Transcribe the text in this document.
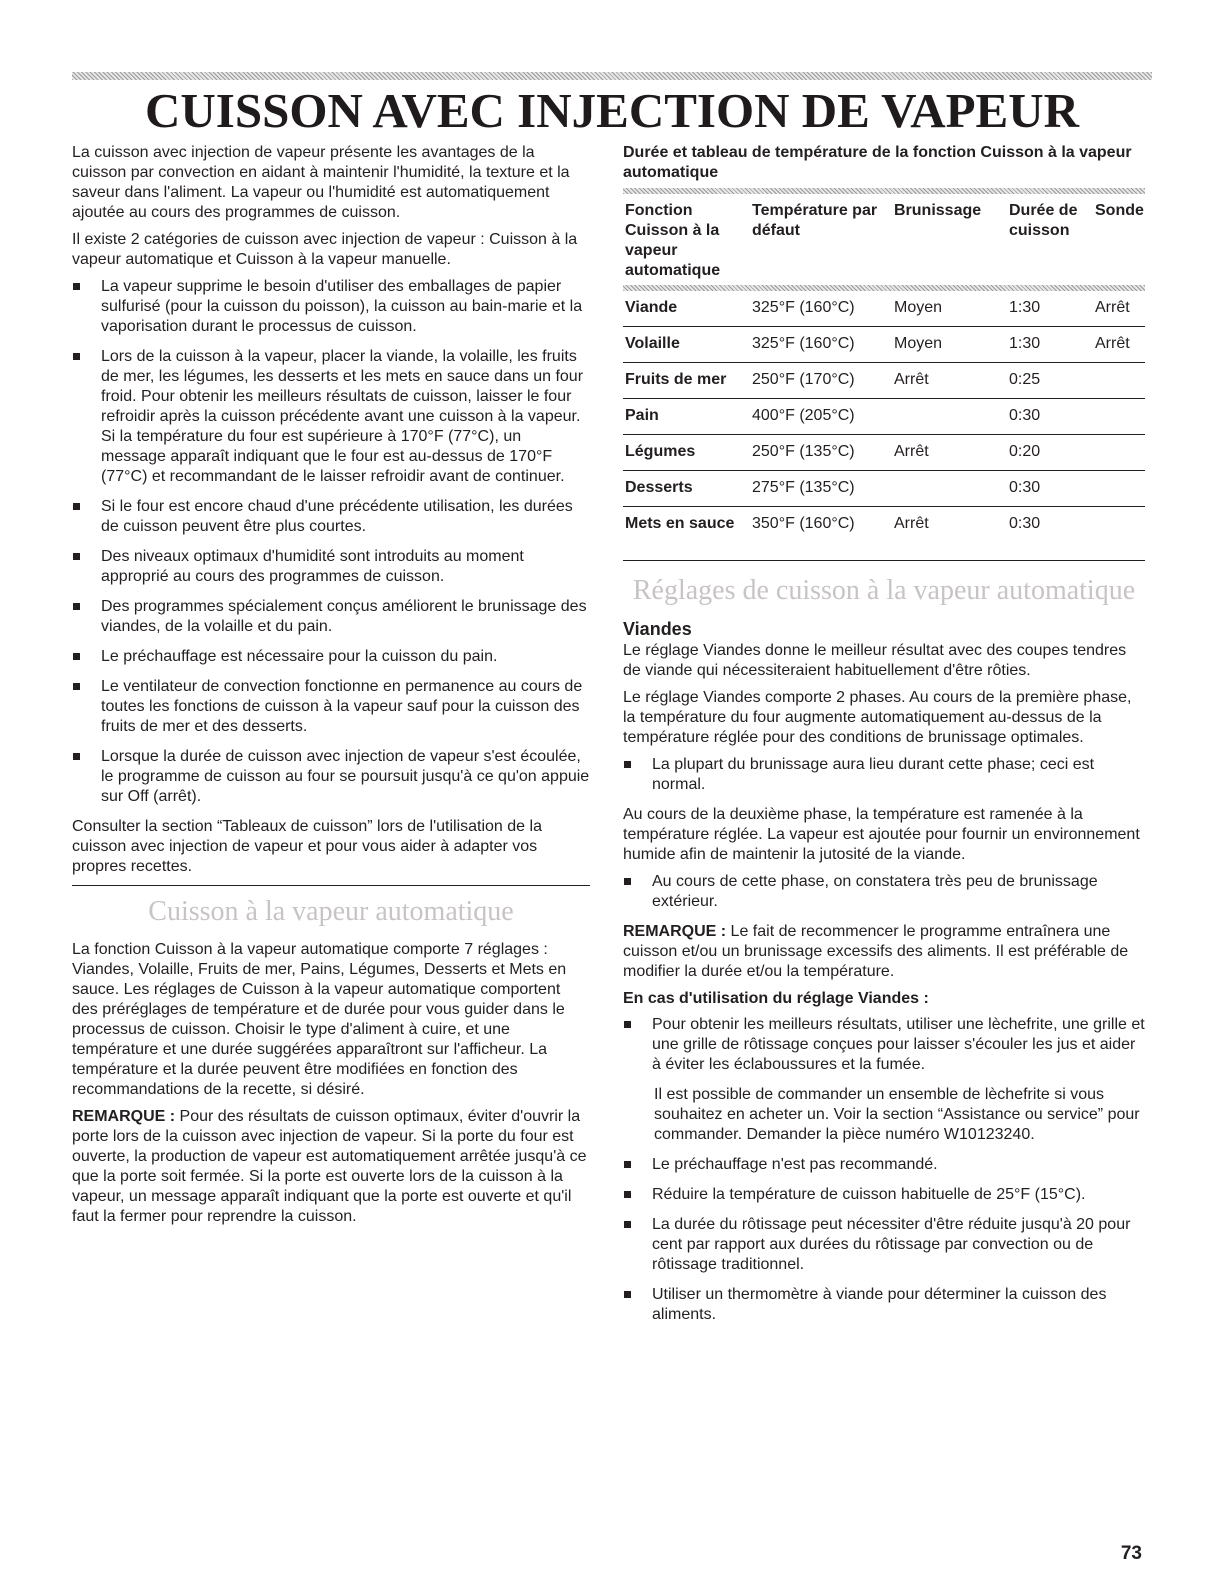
CUISSON AVEC INJECTION DE VAPEUR

La cuisson avec injection de vapeur présente les avantages de la cuisson par convection en aidant à maintenir l'humidité, la texture et la saveur dans l'aliment. La vapeur ou l'humidité est automatiquement ajoutée au cours des programmes de cuisson.

Il existe 2 catégories de cuisson avec injection de vapeur : Cuisson à la vapeur automatique et Cuisson à la vapeur manuelle.

La vapeur supprime le besoin d'utiliser des emballages de papier sulfurisé (pour la cuisson du poisson), la cuisson au bain-marie et la vaporisation durant le processus de cuisson.
Lors de la cuisson à la vapeur, placer la viande, la volaille, les fruits de mer, les légumes, les desserts et les mets en sauce dans un four froid. Pour obtenir les meilleurs résultats de cuisson, laisser le four refroidir après la cuisson précédente avant une cuisson à la vapeur. Si la température du four est supérieure à 170°F (77°C), un message apparaît indiquant que le four est au-dessus de 170°F (77°C) et recommandant de le laisser refroidir avant de continuer.
Si le four est encore chaud d'une précédente utilisation, les durées de cuisson peuvent être plus courtes.
Des niveaux optimaux d'humidité sont introduits au moment approprié au cours des programmes de cuisson.
Des programmes spécialement conçus améliorent le brunissage des viandes, de la volaille et du pain.
Le préchauffage est nécessaire pour la cuisson du pain.
Le ventilateur de convection fonctionne en permanence au cours de toutes les fonctions de cuisson à la vapeur sauf pour la cuisson des fruits de mer et des desserts.
Lorsque la durée de cuisson avec injection de vapeur s'est écoulée, le programme de cuisson au four se poursuit jusqu'à ce qu'on appuie sur Off (arrêt).

Consulter la section “Tableaux de cuisson” lors de l'utilisation de la cuisson avec injection de vapeur et pour vous aider à adapter vos propres recettes.

Cuisson à la vapeur automatique

La fonction Cuisson à la vapeur automatique comporte 7 réglages : Viandes, Volaille, Fruits de mer, Pains, Légumes, Desserts et Mets en sauce. Les réglages de Cuisson à la vapeur automatique comportent des préréglages de température et de durée pour vous guider dans le processus de cuisson. Choisir le type d'aliment à cuire, et une température et une durée suggérées apparaîtront sur l'afficheur. La température et la durée peuvent être modifiées en fonction des recommandations de la recette, si désiré.

REMARQUE : Pour des résultats de cuisson optimaux, éviter d'ouvrir la porte lors de la cuisson avec injection de vapeur. Si la porte du four est ouverte, la production de vapeur est automatiquement arrêtée jusqu'à ce que la porte soit fermée. Si la porte est ouverte lors de la cuisson à la vapeur, un message apparaît indiquant que la porte est ouverte et qu'il faut la fermer pour reprendre la cuisson.

Durée et tableau de température de la fonction Cuisson à la vapeur automatique
Fonction Cuisson à la vapeur automatique	Température par défaut	Brunissage	Durée de cuisson	Sonde

Viande	325°F (160°C)	Moyen	1:30	Arrêt
Volaille	325°F (160°C)	Moyen	1:30	Arrêt
Fruits de mer	250°F (170°C)	Arrêt	0:25	
Pain	400°F (205°C)		0:30	
Légumes	250°F (135°C)	Arrêt	0:20	
Desserts	275°F (135°C)		0:30	
Mets en sauce	350°F (160°C)	Arrêt	0:30	
Réglages de cuisson à la vapeur automatique
Viandes

Le réglage Viandes donne le meilleur résultat avec des coupes tendres de viande qui nécessiteraient habituellement d'être rôties.

Le réglage Viandes comporte 2 phases. Au cours de la première phase, la température du four augmente automatiquement au-dessus de la température réglée pour des conditions de brunissage optimales.

La plupart du brunissage aura lieu durant cette phase; ceci est normal.

Au cours de la deuxième phase, la température est ramenée à la température réglée. La vapeur est ajoutée pour fournir un environnement humide afin de maintenir la jutosité de la viande.

Au cours de cette phase, on constatera très peu de brunissage extérieur.

REMARQUE : Le fait de recommencer le programme entraînera une cuisson et/ou un brunissage excessifs des aliments. Il est préférable de modifier la durée et/ou la température.

En cas d'utilisation du réglage Viandes :

Pour obtenir les meilleurs résultats, utiliser une lèchefrite, une grille et une grille de rôtissage conçues pour laisser s'écouler les jus et aider à éviter les éclaboussures et la fumée.

Il est possible de commander un ensemble de lèchefrite si vous souhaitez en acheter un. Voir la section “Assistance ou service” pour commander. Demander la pièce numéro W10123240.

Le préchauffage n'est pas recommandé.
Réduire la température de cuisson habituelle de 25°F (15°C).
La durée du rôtissage peut nécessiter d'être réduite jusqu'à 20 pour cent par rapport aux durées du rôtissage par convection ou de rôtissage traditionnel.
Utiliser un thermomètre à viande pour déterminer la cuisson des aliments.
73
